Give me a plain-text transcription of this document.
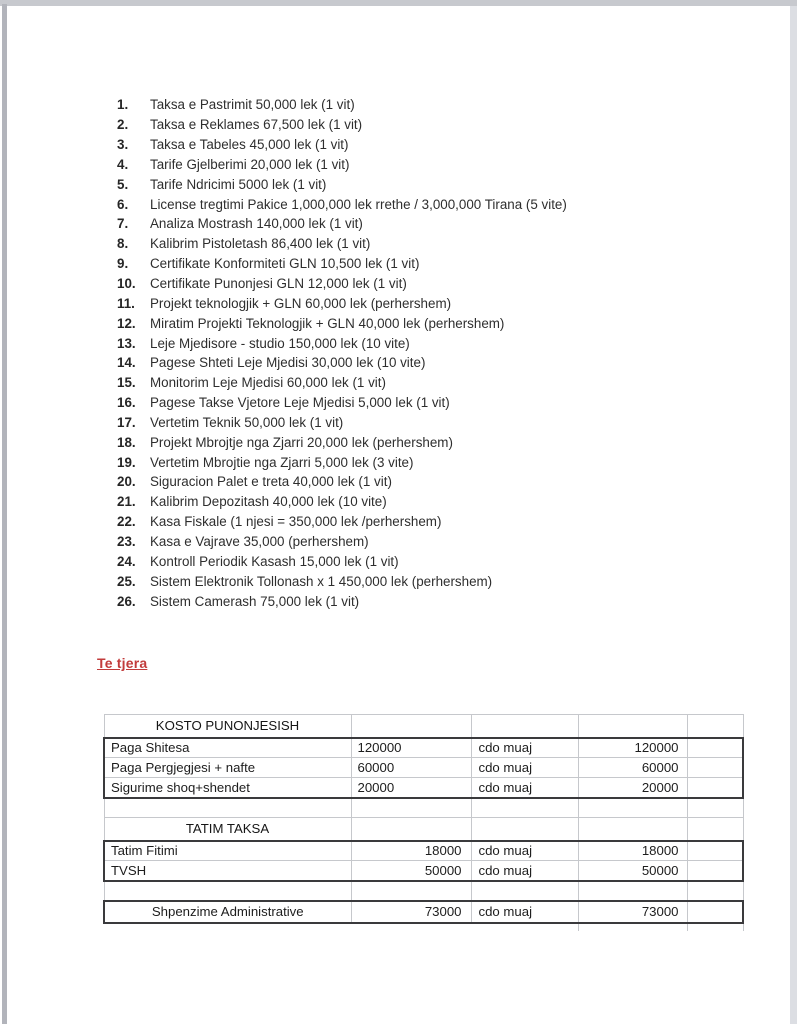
1.	Taksa e Pastrimit 50,000 lek (1 vit)
2.	Taksa e Reklames 67,500 lek (1 vit)
3.	Taksa e Tabeles 45,000 lek (1 vit)
4.	Tarife Gjelberimi 20,000 lek (1 vit)
5.	Tarife Ndricimi 5000 lek (1 vit)
6.	License tregtimi Pakice 1,000,000 lek rrethe / 3,000,000 Tirana (5 vite)
7.	Analiza Mostrash 140,000 lek (1 vit)
8.	Kalibrim Pistoletash 86,400 lek (1 vit)
9.	Certifikate Konformiteti GLN 10,500 lek (1 vit)
10.	Certifikate Punonjesi GLN 12,000 lek (1 vit)
11.	Projekt teknologjik + GLN 60,000 lek (perhershem)
12.	Miratim Projekti Teknologjik + GLN 40,000 lek (perhershem)
13.	Leje Mjedisore - studio 150,000 lek (10 vite)
14.	Pagese Shteti Leje Mjedisi 30,000 lek (10 vite)
15.	Monitorim Leje Mjedisi 60,000 lek (1 vit)
16.	Pagese Takse Vjetore Leje Mjedisi 5,000 lek (1 vit)
17.	Vertetim Teknik 50,000 lek (1 vit)
18.	Projekt Mbrojtje nga Zjarri 20,000 lek (perhershem)
19.	Vertetim Mbrojtie nga Zjarri 5,000 lek (3 vite)
20.	Siguracion Palet e treta 40,000 lek (1 vit)
21.	Kalibrim Depozitash 40,000 lek (10 vite)
22.	Kasa Fiskale (1 njesi = 350,000 lek /perhershem)
23.	Kasa e Vajrave 35,000 (perhershem)
24.	Kontroll Periodik Kasash 15,000 lek (1 vit)
25.	Sistem Elektronik Tollonash x 1 450,000 lek (perhershem)
26.	Sistem Camerash 75,000 lek (1 vit)
Te tjera
KOSTO PUNONJESISH				
Paga Shitesa	120000	cdo muaj	120000	
Paga Pergjegjesi + nafte	60000	cdo muaj	60000	
Sigurime shoq+shendet	20000	cdo muaj	20000	

TATIM TAKSA				
Tatim Fitimi	18000	cdo muaj	18000	
TVSH	50000	cdo muaj	50000	

Shpenzime Administrative	73000	cdo muaj	73000	
